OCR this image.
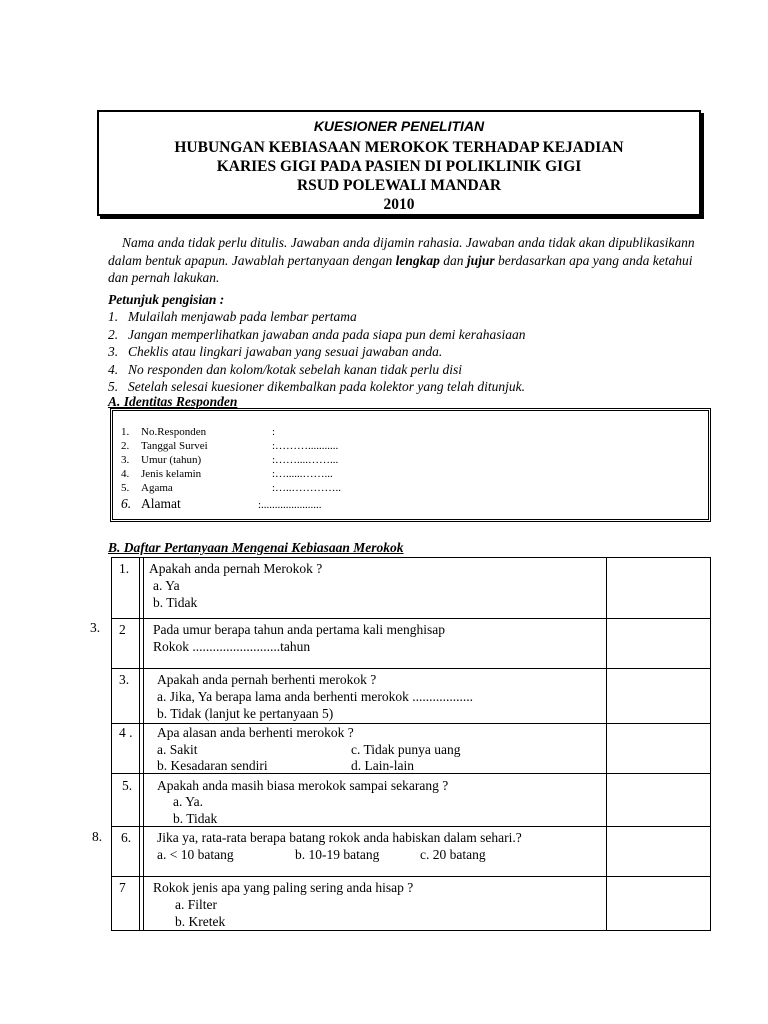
KUESIONER PENELITIAN
HUBUNGAN KEBIASAAN MEROKOK TERHADAP KEJADIAN
KARIES GIGI PADA PASIEN DI POLIKLINIK GIGI
RSUD POLEWALI MANDAR
2010
Nama anda tidak perlu ditulis. Jawaban anda dijamin rahasia. Jawaban anda tidak akan dipublikasikann dalam bentuk apapun. Jawablah pertanyaan dengan lengkap dan jujur berdasarkan apa yang anda ketahui dan pernah lakukan.
Petunjuk pengisian :
1. Mulailah menjawab pada lembar pertama
2. Jangan memperlihatkan jawaban anda pada siapa pun demi kerahasiaan
3. Cheklis atau lingkari jawaban yang sesuai jawaban anda.
4. No responden dan kolom/kotak sebelah kanan tidak perlu disi
5. Setelah selesai kuesioner dikembalkan pada kolektor yang telah ditunjuk.
A. Identitas Responden
1. No.Responden	:
2. Tanggal Survei	:………...........
3. Umur (tahun)	:……....……...
4. Jenis kelamin	:…......……...
5. Agama	:…..…………..
6. Alamat	:......................
B. Daftar Pertanyaan Mengenai Kebiasaan Merokok
3.
8.
1. Apakah anda pernah Merokok ?
a. Ya
b. Tidak
2 Pada umur berapa tahun anda pertama kali menghisap
Rokok ..........................tahun
3. Apakah anda pernah berhenti merokok ?
a. Jika, Ya berapa lama anda berhenti merokok ..................
b. Tidak (lanjut ke pertanyaan 5)
4 . Apa alasan anda berhenti merokok ?
a. Sakit	c. Tidak punya uang
b. Kesadaran sendiri	d. Lain-lain
5. Apakah anda masih biasa merokok sampai sekarang ?
a. Ya.
b. Tidak
6. Jika ya, rata-rata berapa batang rokok anda habiskan dalam sehari.?
a. < 10 batang	b. 10-19 batang	c. 20 batang
7 Rokok jenis apa yang paling sering anda hisap ?
a. Filter
b. Kretek
